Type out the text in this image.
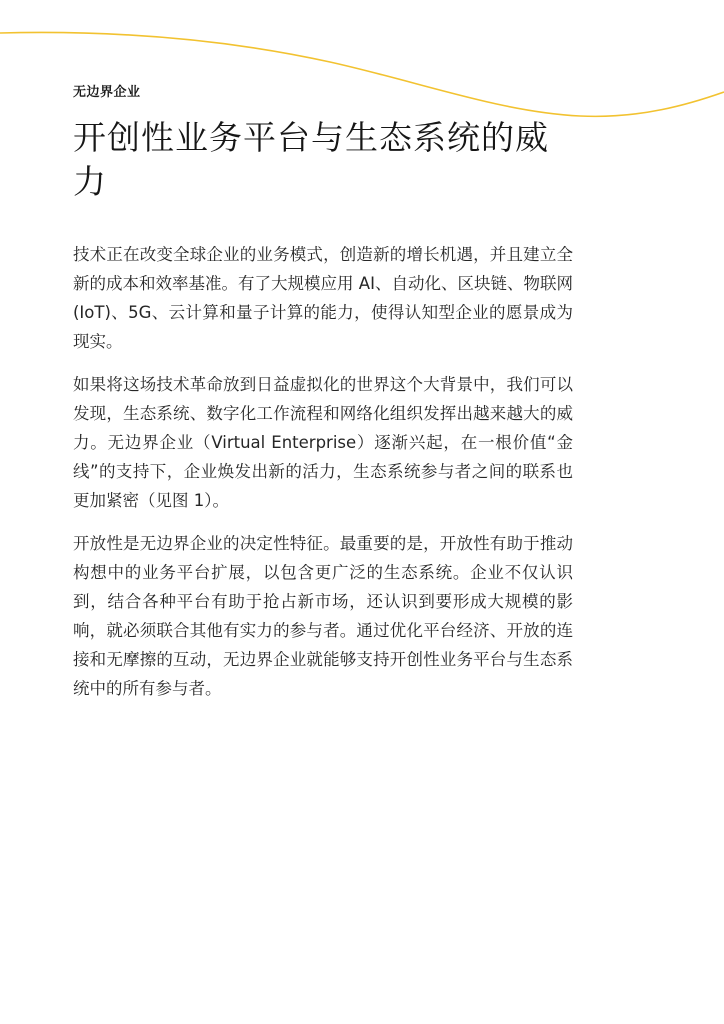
无边界企业

开创性业务平台与生态系统的威力

技术正在改变全球企业的业务模式，创造新的增长机遇，并且建立全新的成本和效率基准。有了大规模应用 AI、自动化、区块链、物联网 (IoT)、5G、云计算和量子计算的能力，使得认知型企业的愿景成为现实。

如果将这场技术革命放到日益虚拟化的世界这个大背景中，我们可以发现，生态系统、数字化工作流程和网络化组织发挥出越来越大的威力。无边界企业（Virtual Enterprise）逐渐兴起，在一根价值“金线”的支持下，企业焕发出新的活力，生态系统参与者之间的联系也更加紧密（见图 1）。

开放性是无边界企业的决定性特征。最重要的是，开放性有助于推动构想中的业务平台扩展，以包含更广泛的生态系统。企业不仅认识到，结合各种平台有助于抢占新市场，还认识到要形成大规模的影响，就必须联合其他有实力的参与者。通过优化平台经济、开放的连接和无摩擦的互动，无边界企业就能够支持开创性业务平台与生态系统中的所有参与者。
